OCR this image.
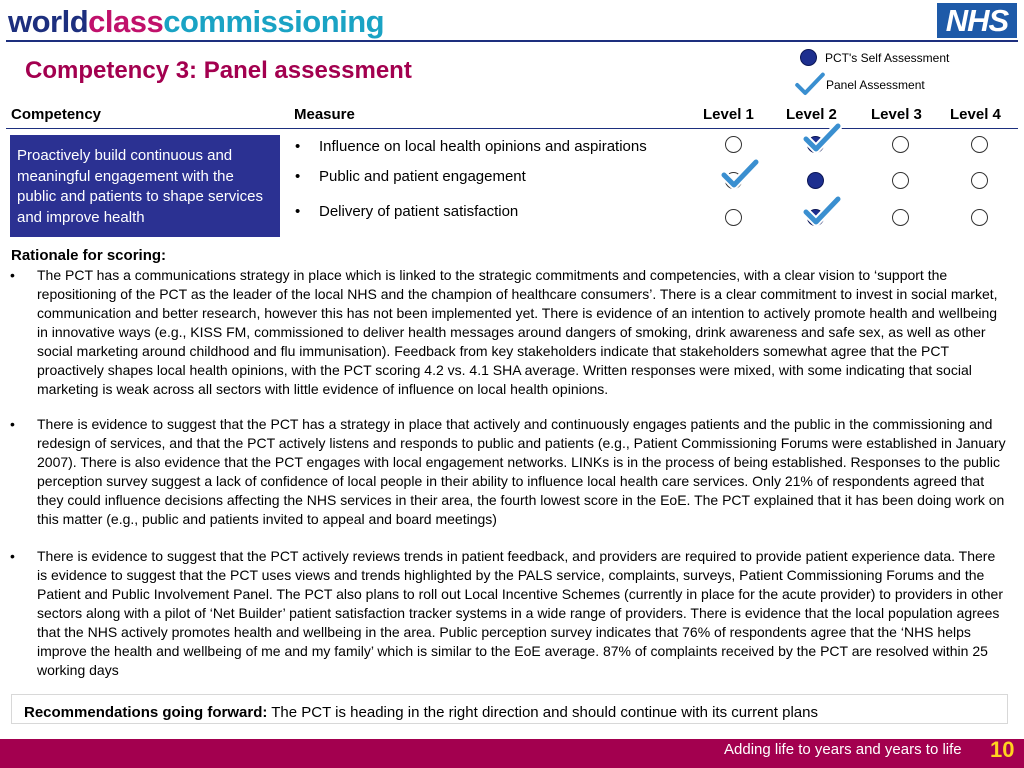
worldclasscommissioning	NHS
Competency 3: Panel assessment	PCT's Self Assessment
Panel Assessment
Competency	Measure	Level 1 Level 2 Level 3 Level 4
Proactively build continuous and meaningful engagement with the public and patients to shape services and improve health
•	Influence on local health opinions and aspirations
•	Public and patient engagement
•	Delivery of patient satisfaction
Rationale for scoring:
•	The PCT has a communications strategy in place which is linked to the strategic commitments and competencies, with a clear vision to ‘support the repositioning of the PCT as the leader of the local NHS and the champion of healthcare consumers’. There is a clear commitment to invest in social market, communication and better research, however this has not been implemented yet. There is evidence of an intention to actively promote health and wellbeing in innovative ways (e.g., KISS FM, commissioned to deliver health messages around dangers of smoking, drink awareness and safe sex, as well as other social marketing around childhood and flu immunisation). Feedback from key stakeholders indicate that stakeholders somewhat agree that the PCT proactively shapes local health opinions, with the PCT scoring 4.2 vs. 4.1 SHA average. Written responses were mixed, with some indicating that social marketing is weak across all sectors with little evidence of influence on local health opinions.
•	There is evidence to suggest that the PCT has a strategy in place that actively and continuously engages patients and the public in the commissioning and redesign of services, and that the PCT actively listens and responds to public and patients (e.g., Patient Commissioning Forums were established in January 2007). There is also evidence that the PCT engages with local engagement networks. LINKs is in the process of being established. Responses to the public perception survey suggest a lack of confidence of local people in their ability to influence local health care services. Only 21% of respondents agreed that they could influence decisions affecting the NHS services in their area, the fourth lowest score in the EoE. The PCT explained that it has been doing work on this matter (e.g., public and patients invited to appeal and board meetings)
•	There is evidence to suggest that the PCT actively reviews trends in patient feedback, and providers are required to provide patient experience data. There is evidence to suggest that the PCT uses views and trends highlighted by the PALS service, complaints, surveys, Patient Commissioning Forums and the Patient and Public Involvement Panel. The PCT also plans to roll out Local Incentive Schemes (currently in place for the acute provider) to providers in other sectors along with a pilot of ‘Net Builder’ patient satisfaction tracker systems in a wide range of providers. There is evidence that the local population agrees that the NHS actively promotes health and wellbeing in the area. Public perception survey indicates that 76% of respondents agree that the ‘NHS helps improve the health and wellbeing of me and my family’ which is similar to the EoE average. 87% of complaints received by the PCT are resolved within 25 working days
Recommendations going forward: The PCT is heading in the right direction and should continue with its current plans
Adding life to years and years to life 10
